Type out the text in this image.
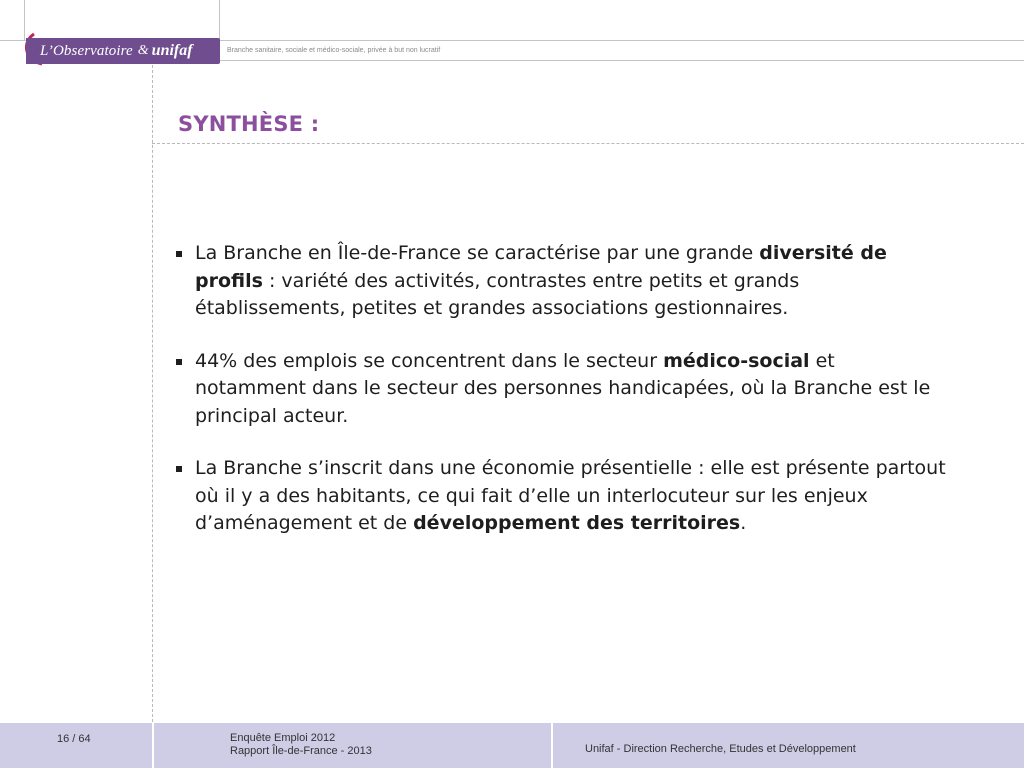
L’Observatoire & unifaf	Branche sanitaire, sociale et médico-sociale, privée à but non lucratif
SYNTHÈSE :
La Branche en Île-de-France se caractérise par une grande diversité de profils : variété des activités, contrastes entre petits et grands établissements, petites et grandes associations gestionnaires.
44% des emplois se concentrent dans le secteur médico-social et notamment dans le secteur des personnes handicapées, où la Branche est le principal acteur.
La Branche s’inscrit dans une économie présentielle : elle est présente partout où il y a des habitants, ce qui fait d’elle un interlocuteur sur les enjeux d’aménagement et de développement des territoires.
16 / 64	Enquête Emploi 2012
Rapport Île-de-France - 2013	Unifaf - Direction Recherche, Etudes et Développement
